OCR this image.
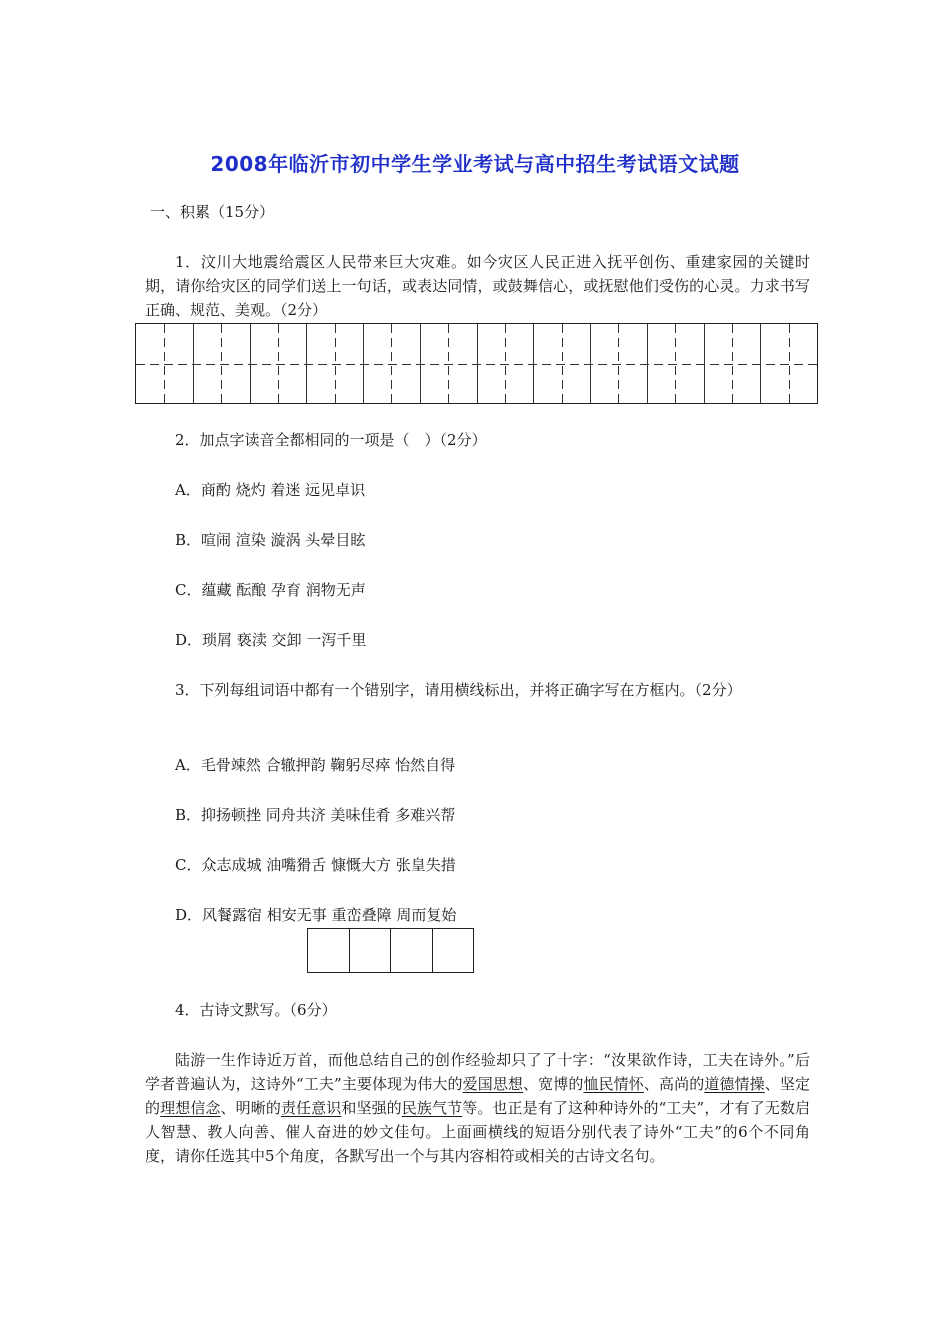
2008年临沂市初中学生学业考试与高中招生考试语文试题
一、积累（15分）
1．汶川大地震给震区人民带来巨大灾难。如今灾区人民正进入抚平创伤、重建家园的关键时期，请你给灾区的同学们送上一句话，或表达同情，或鼓舞信心，或抚慰他们受伤的心灵。力求书写正确、规范、美观。（2分）
2．加点字读音全都相同的一项是（　）（2分）
A．商酌 烧灼 着迷 远见卓识
B．喧闹 渲染 漩涡 头晕目眩
C．蕴藏 酝酿 孕育 润物无声
D．琐屑 亵渎 交卸 一泻千里
3．下列每组词语中都有一个错别字，请用横线标出，并将正确字写在方框内。（2分）
A．毛骨竦然 合辙押韵 鞠躬尽瘁 怡然自得
B．抑扬顿挫 同舟共济 美味佳肴 多难兴帮
C．众志成城 油嘴猾舌 慷慨大方 张皇失措
D．风餐露宿 相安无事 重峦叠障 周而复始
4．古诗文默写。（6分）
陆游一生作诗近万首，而他总结自己的创作经验却只了了十字：“汝果欲作诗，工夫在诗外。”后学者普遍认为，这诗外“工夫”主要体现为伟大的爱国思想、宽博的恤民情怀、高尚的道德情操、坚定的理想信念、明晰的责任意识和坚强的民族气节等。也正是有了这种种诗外的“工夫”，才有了无数启人智慧、教人向善、催人奋进的妙文佳句。上面画横线的短语分别代表了诗外“工夫”的6个不同角度，请你任选其中5个角度，各默写出一个与其内容相符或相关的古诗文名句。
